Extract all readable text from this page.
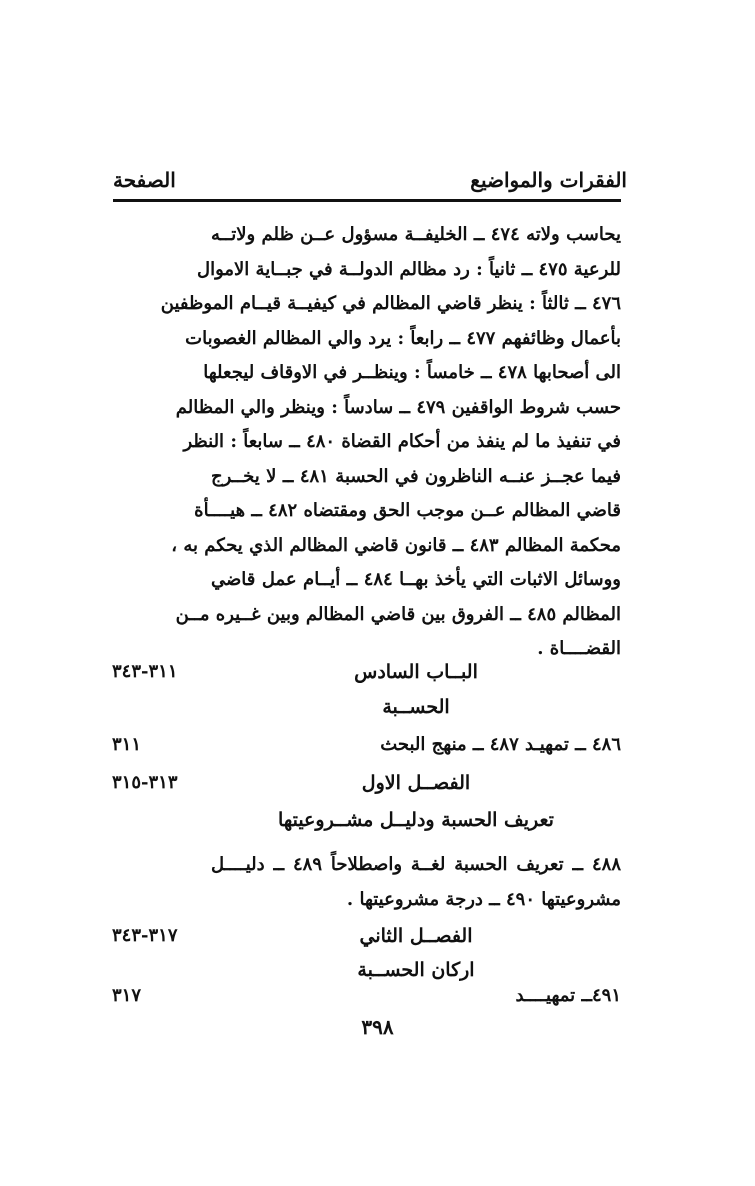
الفقرات والمواضيع
الصفحة
يحاسب ولاته ٤٧٤ ــ الخليفــة مسؤول عــن ظلم ولاتــه
للرعية ٤٧٥ ــ ثانياً : رد مظالم الدولــة في جبــاية الاموال
٤٧٦ ــ ثالثاً : ينظر قاضي المظالم في كيفيــة قيــام الموظفين
بأعمال وظائفهم ٤٧٧ ــ رابعاً : يرد والي المظالم الغصوبات
الى أصحابها ٤٧٨ ــ خامساً : وينظــر في الاوقاف ليجعلها
حسب شروط الواقفين ٤٧٩ ــ سادساً : وينظر والي المظالم
في تنفيذ ما لم ينفذ من أحكام القضاة ٤٨٠ ــ سابعاً : النظر
فيما عجــز عنــه الناظرون في الحسبة ٤٨١ ــ لا يخــرج
قاضي المظالم عــن موجب الحق ومقتضاه ٤٨٢ ــ هيــــأة
محكمة المظالم ٤٨٣ ــ قانون قاضي المظالم الذي يحكم به ،
ووسائل الاثبات التي يأخذ بهــا ٤٨٤ ــ أيــام عمل قاضي
المظالم ٤٨٥ ــ الفروق بين قاضي المظالم وبين غــيره مــن
القضــــاة .
البــاب السادس
٣١١-٣٤٣
الحســبة
٤٨٦ ــ تمهيـد ٤٨٧ ــ منهج البحث
٣١١
الفصــل الاول
٣١٣-٣١٥
تعريف الحسبة ودليــل مشــروعيتها
٤٨٨ ــ تعريف الحسبة لغــة واصطلاحاً ٤٨٩ ــ دليــــل
مشروعيتها ٤٩٠ ــ درجة مشروعيتها .
الفصــل الثاني
٣١٧-٣٤٣
اركان الحســبة
٤٩١ــ تمهيــــد
٣١٧
٣٩٨
